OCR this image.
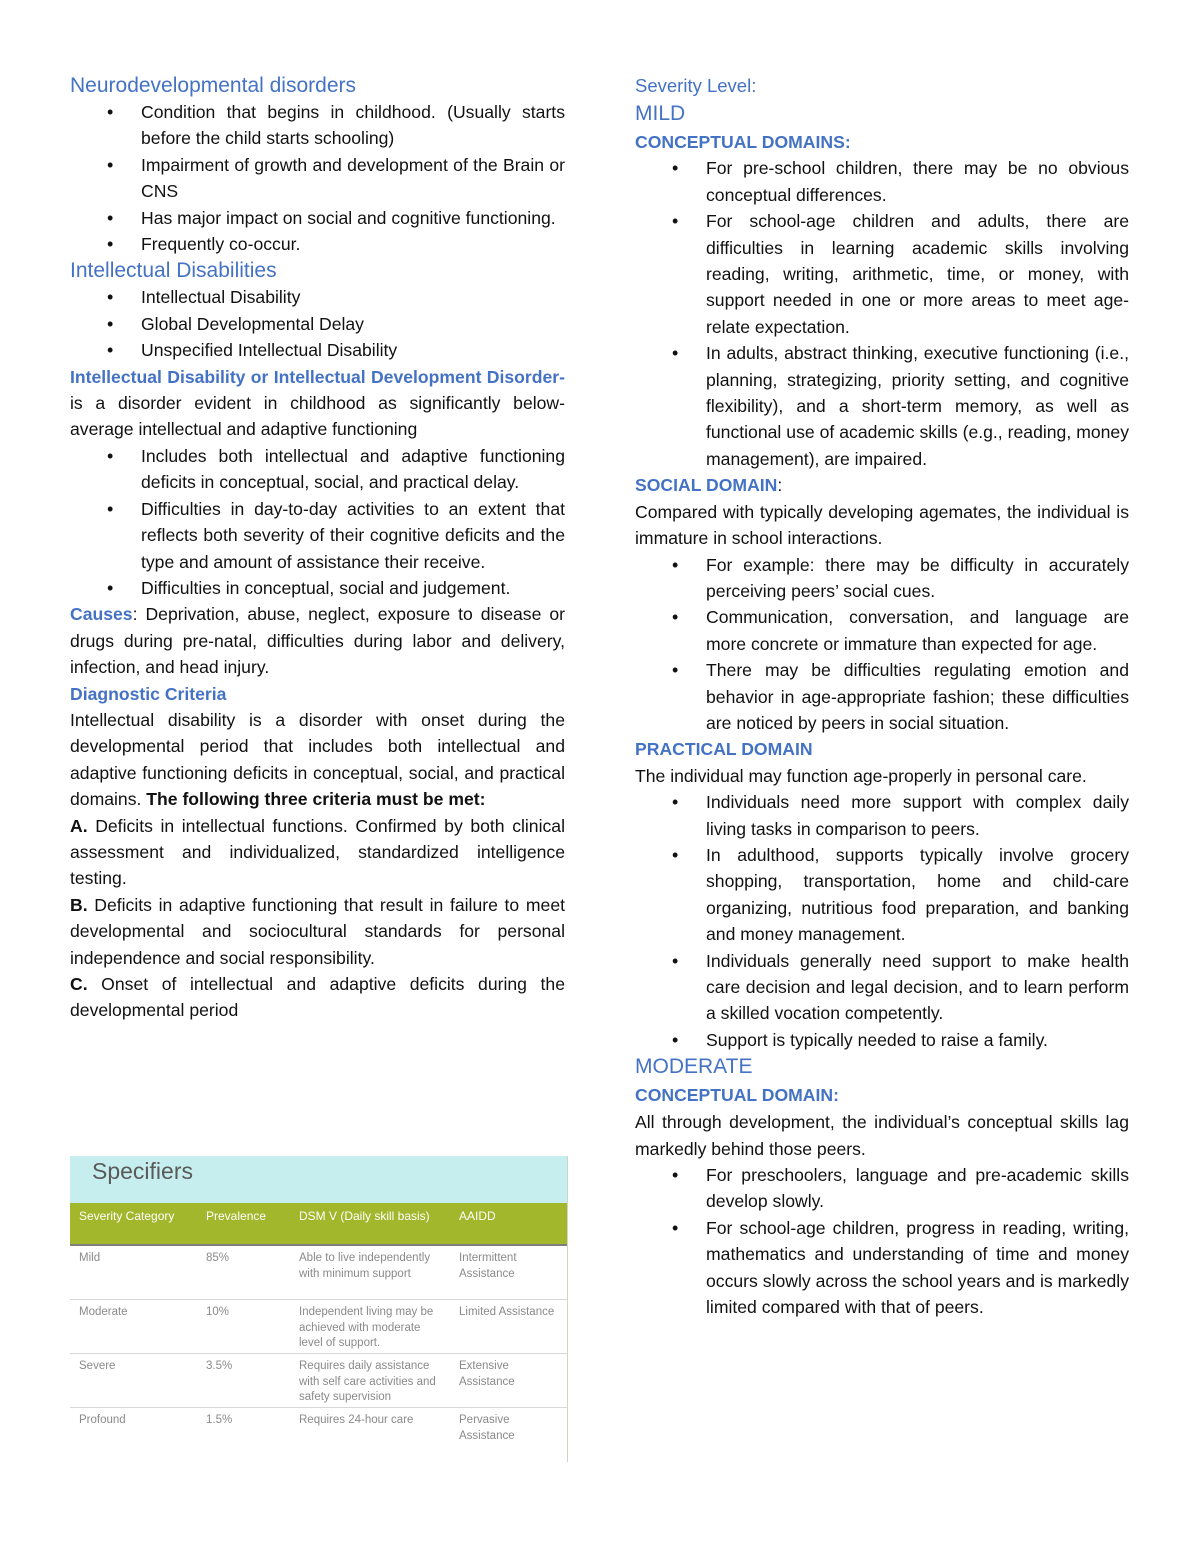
Neurodevelopmental disorders
• Condition that begins in childhood. (Usually starts before the child starts schooling)
• Impairment of growth and development of the Brain or CNS
• Has major impact on social and cognitive functioning.
• Frequently co-occur.
Intellectual Disabilities
• Intellectual Disability
• Global Developmental Delay
• Unspecified Intellectual Disability

Intellectual Disability or Intellectual Development Disorder- is a disorder evident in childhood as significantly below-average intellectual and adaptive functioning

• Includes both intellectual and adaptive functioning deficits in conceptual, social, and practical delay.
• Difficulties in day-to-day activities to an extent that reflects both severity of their cognitive deficits and the type and amount of assistance their receive.
• Difficulties in conceptual, social and judgement.

Causes: Deprivation, abuse, neglect, exposure to disease or drugs during pre-natal, difficulties during labor and delivery, infection, and head injury.

Diagnostic Criteria

Intellectual disability is a disorder with onset during the developmental period that includes both intellectual and adaptive functioning deficits in conceptual, social, and practical domains. The following three criteria must be met:

A. Deficits in intellectual functions. Confirmed by both clinical assessment and individualized, standardized intelligence testing.

B. Deficits in adaptive functioning that result in failure to meet developmental and sociocultural standards for personal independence and social responsibility.

C. Onset of intellectual and adaptive deficits during the developmental period

Specifiers
Severity Category	Prevalence	DSM V (Daily skill basis)	AAIDD
Mild	85%	Able to live independently with minimum support	Intermittent Assistance
Moderate	10%	Independent living may be achieved with moderate level of support.	Limited Assistance
Severe	3.5%	Requires daily assistance with self care activities and safety supervision	Extensive Assistance
Profound	1.5%	Requires 24-hour care	Pervasive Assistance
Severity Level:
MILD
CONCEPTUAL DOMAINS:
• For pre-school children, there may be no obvious conceptual differences.
• For school-age children and adults, there are difficulties in learning academic skills involving reading, writing, arithmetic, time, or money, with support needed in one or more areas to meet age-relate expectation.
• In adults, abstract thinking, executive functioning (i.e., planning, strategizing, priority setting, and cognitive flexibility), and a short-term memory, as well as functional use of academic skills (e.g., reading, money management), are impaired.
SOCIAL DOMAIN:

Compared with typically developing agemates, the individual is immature in school interactions.

• For example: there may be difficulty in accurately perceiving peers’ social cues.
• Communication, conversation, and language are more concrete or immature than expected for age.
• There may be difficulties regulating emotion and behavior in age-appropriate fashion; these difficulties are noticed by peers in social situation.
PRACTICAL DOMAIN

The individual may function age-properly in personal care.

• Individuals need more support with complex daily living tasks in comparison to peers.
• In adulthood, supports typically involve grocery shopping, transportation, home and child-care organizing, nutritious food preparation, and banking and money management.
• Individuals generally need support to make health care decision and legal decision, and to learn perform a skilled vocation competently.
• Support is typically needed to raise a family.
MODERATE
CONCEPTUAL DOMAIN:

All through development, the individual’s conceptual skills lag markedly behind those peers.

• For preschoolers, language and pre-academic skills develop slowly.
• For school-age children, progress in reading, writing, mathematics and understanding of time and money occurs slowly across the school years and is markedly limited compared with that of peers.
